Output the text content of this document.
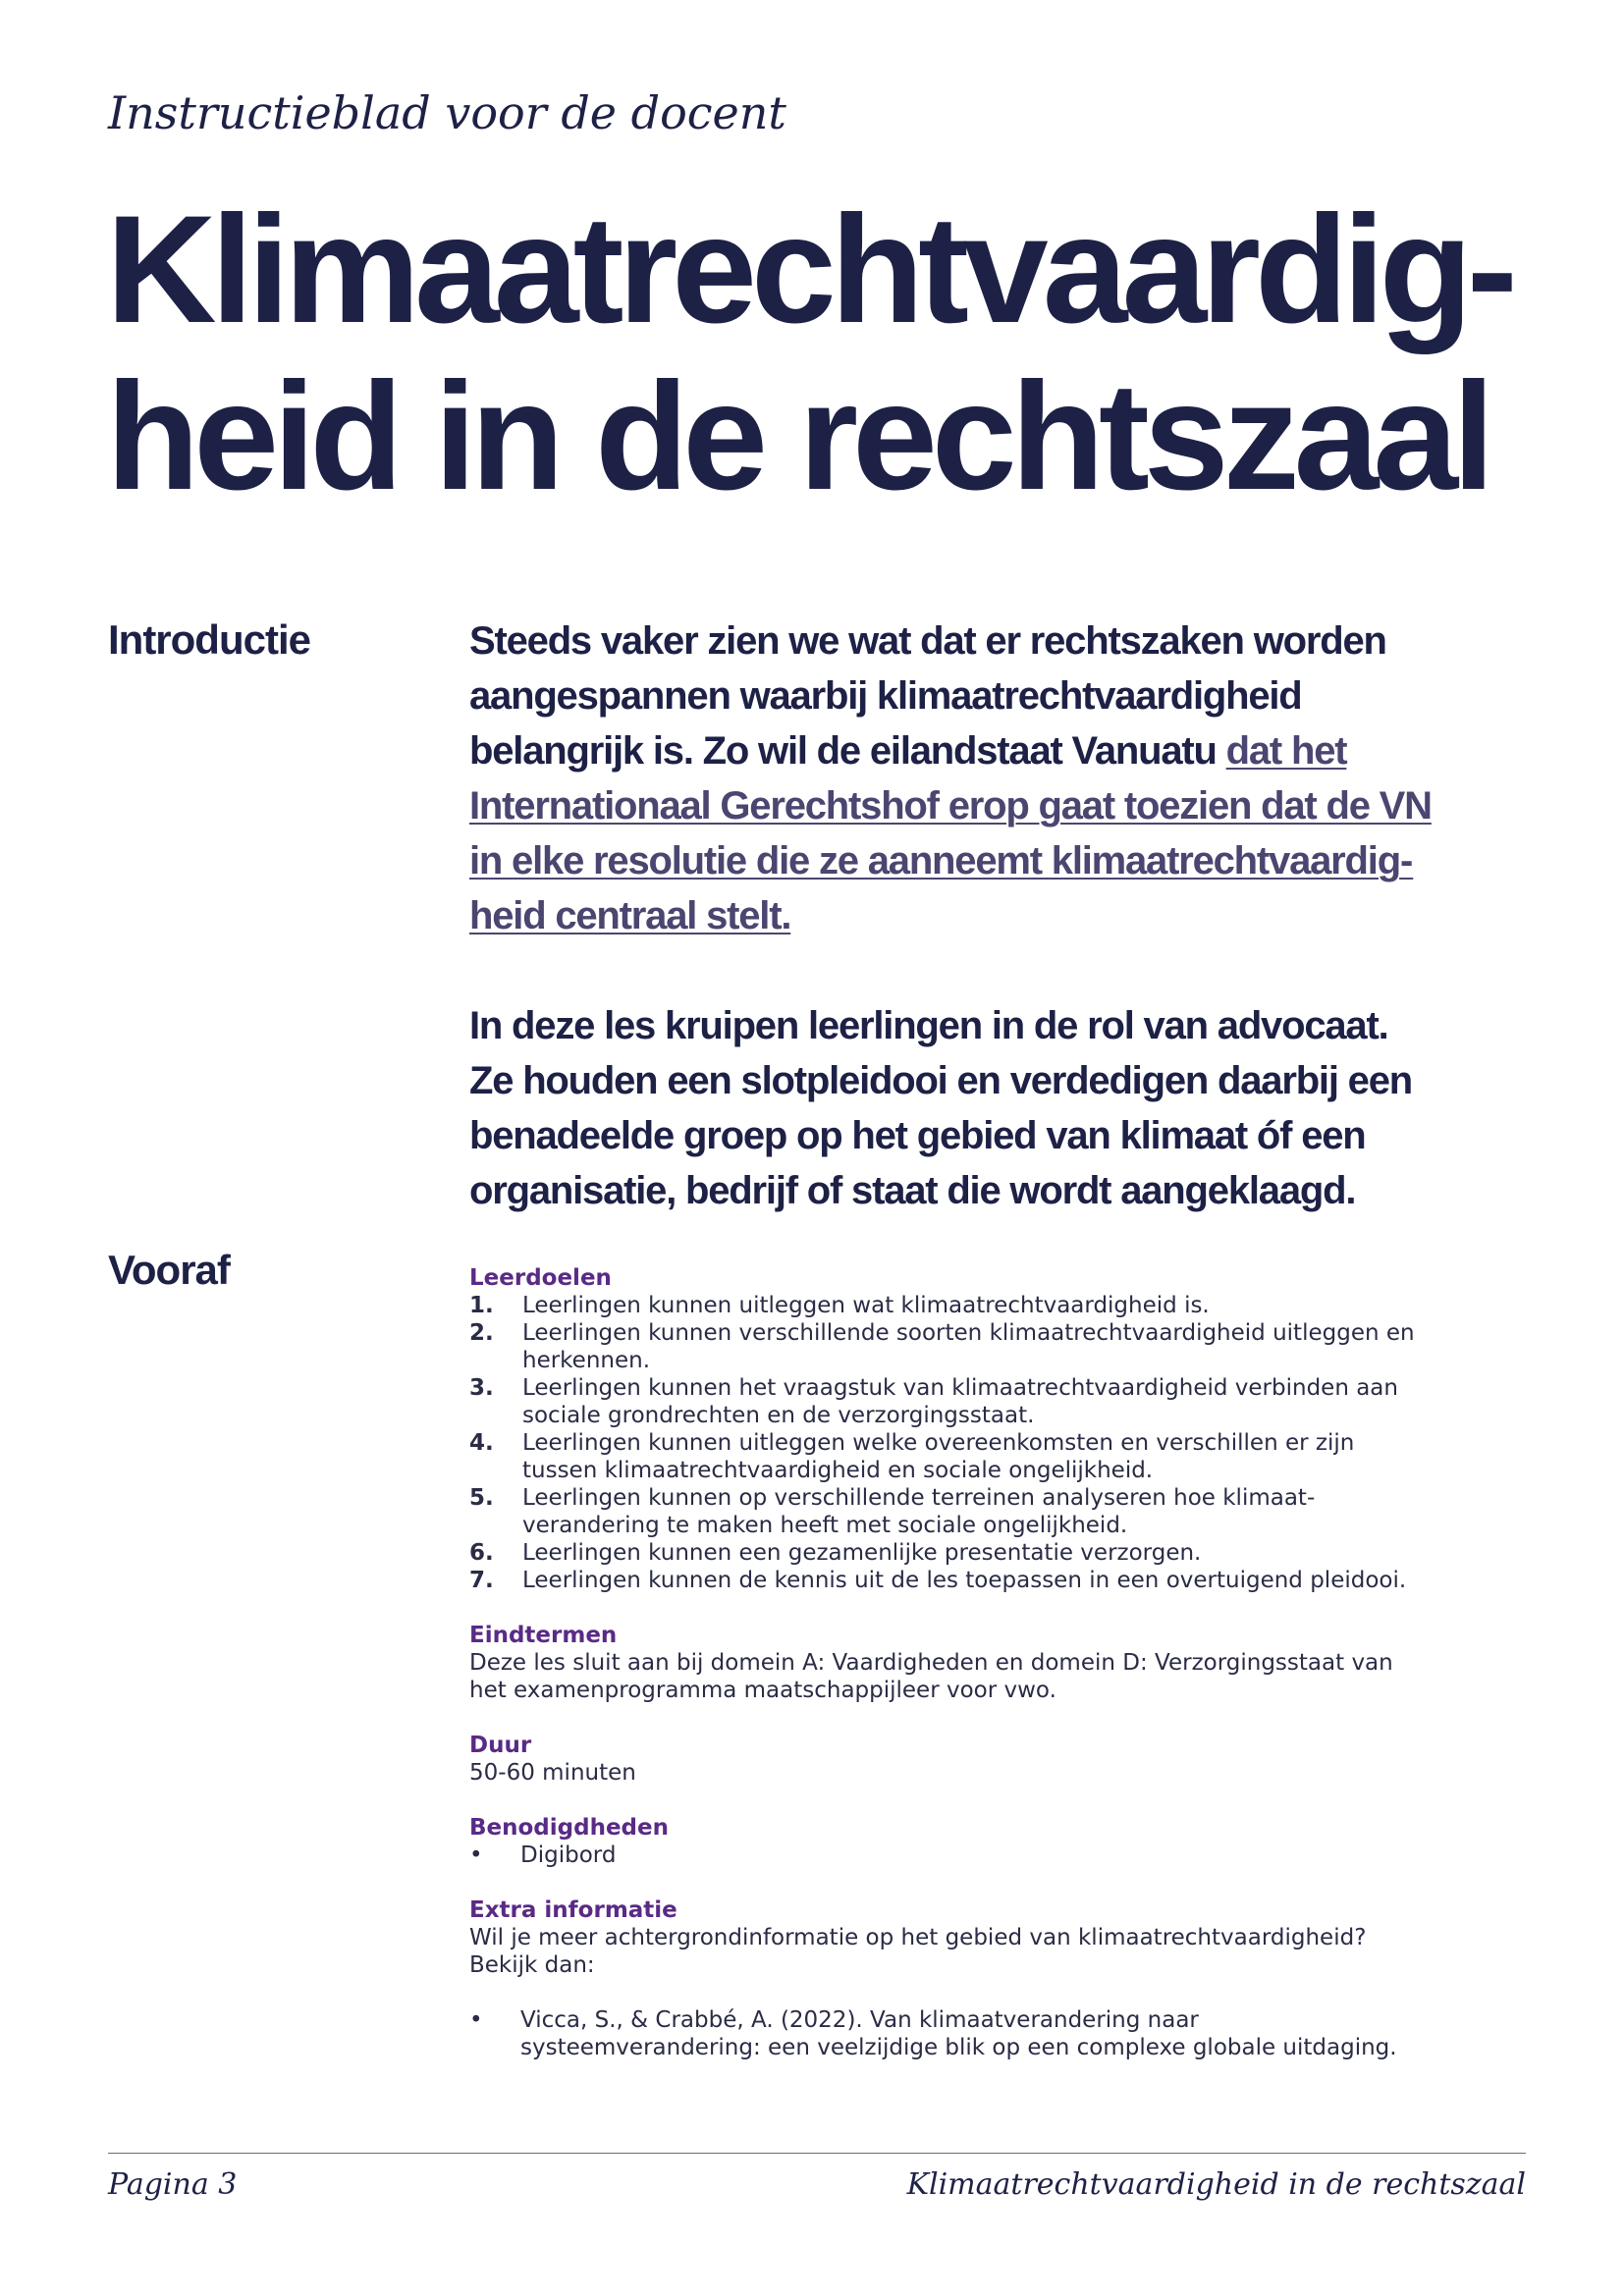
Instructieblad voor de docent
Klimaatrechtvaardig-
heid in de rechtszaal
Introductie	Steeds vaker zien we wat dat er rechtszaken worden aangespannen waarbij klimaatrechtvaardigheid belangrijk is. Zo wil de eilandstaat Vanuatu dat het Internationaal Gerechtshof erop gaat toezien dat de VN in elke resolutie die ze aanneemt klimaatrechtvaardigheid centraal stelt.

In deze les kruipen leerlingen in de rol van advocaat. Ze houden een slotpleidooi en verdedigen daarbij een benadeelde groep op het gebied van klimaat óf een organisatie, bedrijf of staat die wordt aangeklaagd.

Vooraf	Leerdoelen

1.	Leerlingen kunnen uitleggen wat klimaatrechtvaardigheid is.
2.	Leerlingen kunnen verschillende soorten klimaatrechtvaardigheid uitleggen en herkennen.
3.	Leerlingen kunnen het vraagstuk van klimaatrechtvaardigheid verbinden aan sociale grondrechten en de verzorgingsstaat.
4.	Leerlingen kunnen uitleggen welke overeenkomsten en verschillen er zijn tussen klimaatrechtvaardigheid en sociale ongelijkheid.
5.	Leerlingen kunnen op verschillende terreinen analyseren hoe klimaatverandering te maken heeft met sociale ongelijkheid.
6.	Leerlingen kunnen een gezamenlijke presentatie verzorgen.
7.	Leerlingen kunnen de kennis uit de les toepassen in een overtuigend pleidooi.

Eindtermen

Deze les sluit aan bij domein A: Vaardigheden en domein D: Verzorgingsstaat van het examenprogramma maatschappijleer voor vwo.

Duur

50-60 minuten

Benodigdheden

•	Digibord

Extra informatie

Wil je meer achtergrondinformatie op het gebied van klimaatrechtvaardigheid?

Bekijk dan:

•	Vicca, S., & Crabbé, A. (2022). Van klimaatverandering naar systeemverandering: een veelzijdige blik op een complexe globale uitdaging.

Pagina 3	Klimaatrechtvaardigheid in de rechtszaal
